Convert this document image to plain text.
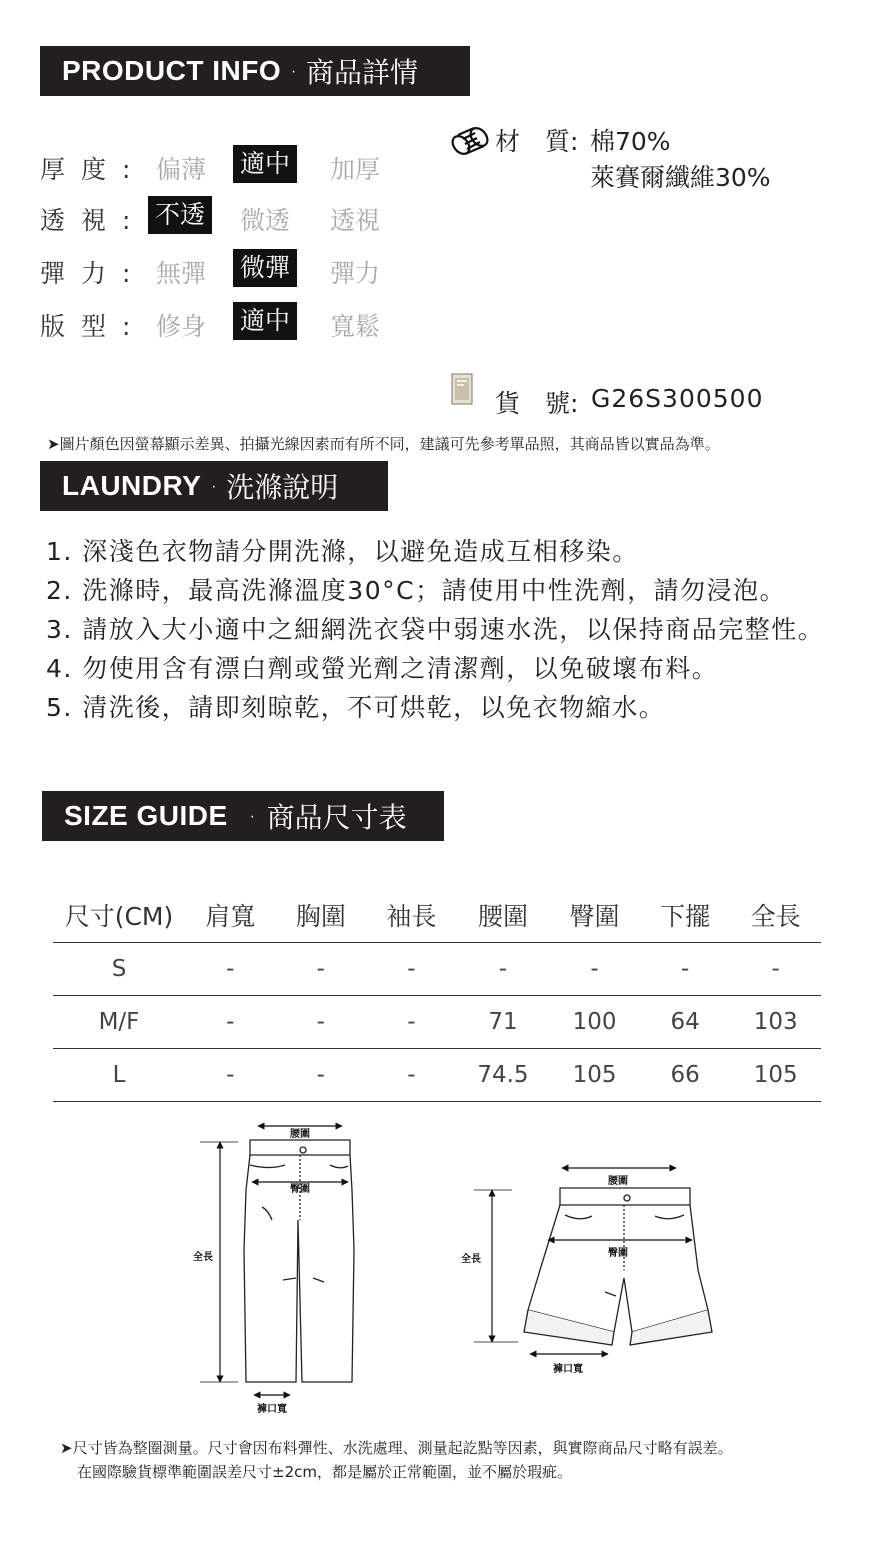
PRODUCT INFO · 商品詳情
厚度: 偏薄 適中 加厚
透視: 不透 微透 透視
彈力: 無彈 微彈 彈力
版型: 修身 適中 寬鬆
材　質: 棉70%
萊賽爾纖維30%
貨　號: G26S300500
➤圖片顏色因螢幕顯示差異、拍攝光線因素而有所不同，建議可先參考單品照，其商品皆以實品為準。
LAUNDRY · 洗滌說明
1. 深淺色衣物請分開洗滌，以避免造成互相移染。
2. 洗滌時，最高洗滌溫度30°C；請使用中性洗劑，請勿浸泡。
3. 請放入大小適中之細網洗衣袋中弱速水洗，以保持商品完整性。
4. 勿使用含有漂白劑或螢光劑之清潔劑，以免破壞布料。
5. 清洗後，請即刻晾乾，不可烘乾，以免衣物縮水。
SIZE GUIDE · 商品尺寸表
尺寸(CM)	肩寬	胸圍	袖長	腰圍	臀圍	下擺	全長
S	-	-	-	-	-	-	-
M/F	-	-	-	71	100	64	103
L	-	-	-	74.5	105	66	105
腰圍
臀圍
全長
褲口寬
腰圍
臀圍
全長
褲口寬
➤尺寸皆為整圈測量。尺寸會因布料彈性、水洗處理、測量起訖點等因素，與實際商品尺寸略有誤差。
在國際驗貨標準範圍誤差尺寸±2cm，都是屬於正常範圍，並不屬於瑕疵。
